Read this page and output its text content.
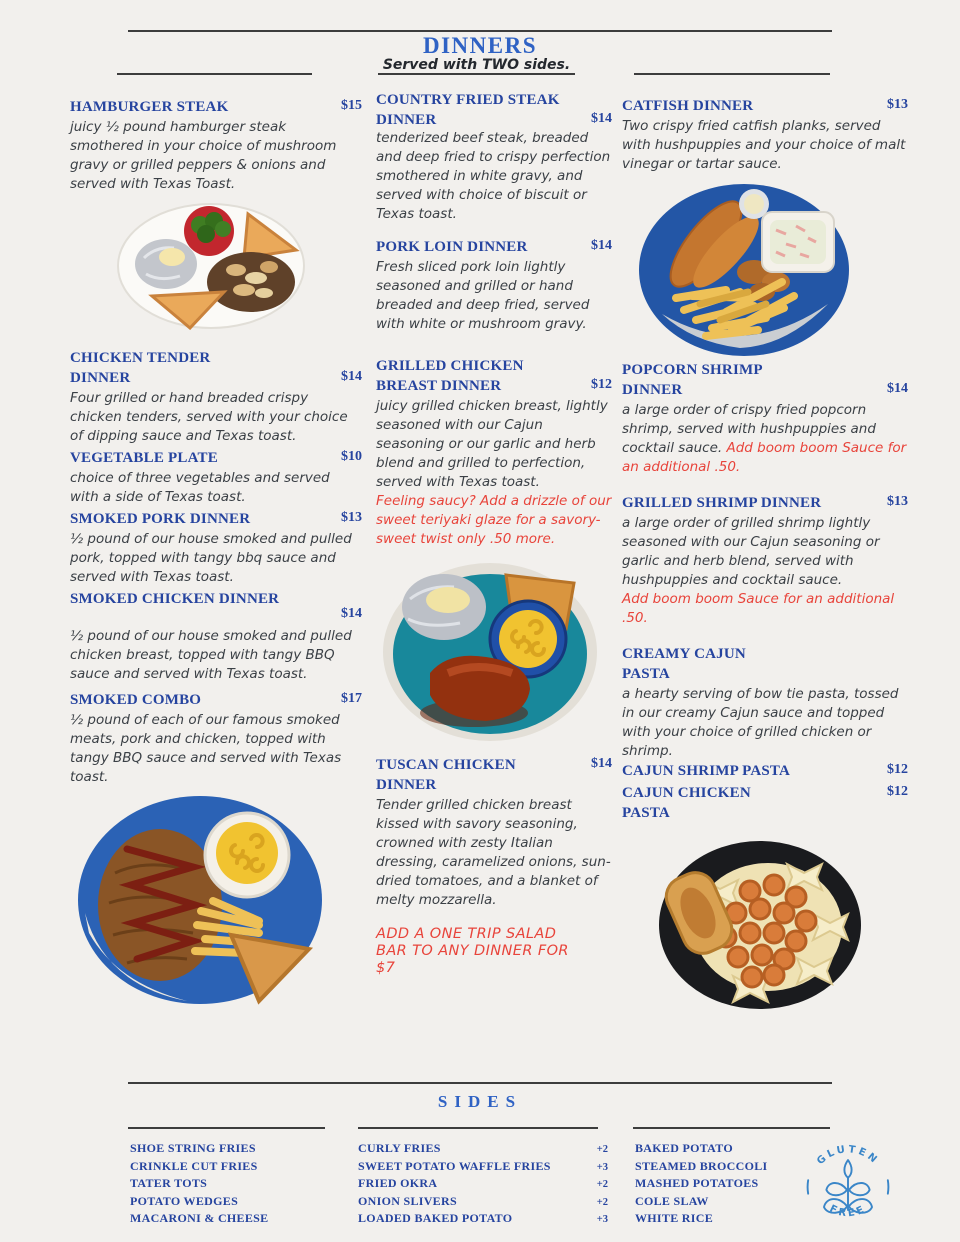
DINNERS
Served with TWO sides.
HAMBURGER STEAK	$15

juicy ½ pound hamburger steak smothered in your choice of mushroom gravy or grilled peppers & onions and served with Texas Toast.

CHICKEN TENDER DINNER	$14

Four grilled or hand breaded crispy chicken tenders, served with your choice of dipping sauce and Texas toast.

VEGETABLE PLATE	$10

choice of three vegetables and served with a side of Texas toast.

SMOKED PORK DINNER	$13

½ pound of our house smoked and pulled pork, topped with tangy bbq sauce and served with Texas toast.

SMOKED CHICKEN DINNER
$14

½ pound of our house smoked and pulled chicken breast, topped with tangy BBQ sauce and served with Texas toast.

SMOKED COMBO	$17

½ pound of each of our famous smoked meats, pork and chicken, topped with tangy BBQ sauce and served with Texas toast.

COUNTRY FRIED STEAK DINNER	$14

tenderized beef steak, breaded and deep fried to crispy perfection smothered in white gravy, and served with choice of biscuit or Texas toast.

PORK LOIN DINNER	$14

Fresh sliced pork loin lightly seasoned and grilled or hand breaded and deep fried, served with white or mushroom gravy.

GRILLED CHICKEN BREAST DINNER	$12

juicy grilled chicken breast, lightly seasoned with our Cajun seasoning or our garlic and herb blend and grilled to perfection, served with Texas toast.

Feeling saucy? Add a drizzle of our sweet teriyaki glaze for a savory-sweet twist only .50 more.

TUSCAN CHICKEN DINNER
$14

Tender grilled chicken breast kissed with savory seasoning, crowned with zesty Italian dressing, caramelized onions, sun-dried tomatoes, and a blanket of melty mozzarella.

ADD A ONE TRIP SALAD BAR TO ANY DINNER FOR $7

CATFISH DINNER	$13

Two crispy fried catfish planks, served with hushpuppies and your choice of malt vinegar or tartar sauce.

POPCORN SHRIMP DINNER	$14

a large order of crispy fried popcorn shrimp, served with hushpuppies and cocktail sauce. Add boom boom Sauce for an additional .50.

GRILLED SHRIMP DINNER	$13

a large order of grilled shrimp lightly seasoned with our Cajun seasoning or garlic and herb blend, served with hushpuppies and cocktail sauce.

Add boom boom Sauce for an additional .50.

CREAMY CAJUN PASTA

a hearty serving of bow tie pasta, tossed in our creamy Cajun sauce and topped with your choice of grilled chicken or shrimp.

CAJUN SHRIMP PASTA	$12
CAJUN CHICKEN PASTA
$12
SIDES
SHOE STRING FRIES
CRINKLE CUT FRIES
TATER TOTS
POTATO WEDGES
MACARONI & CHEESE
CURLY FRIES	+2
SWEET POTATO WAFFLE FRIES	+3
FRIED OKRA	+2
ONION SLIVERS	+2
LOADED BAKED POTATO	+3
BAKED POTATO
STEAMED BROCCOLI
MASHED POTATOES
COLE SLAW
WHITE RICE
GLUTEN
FREE
